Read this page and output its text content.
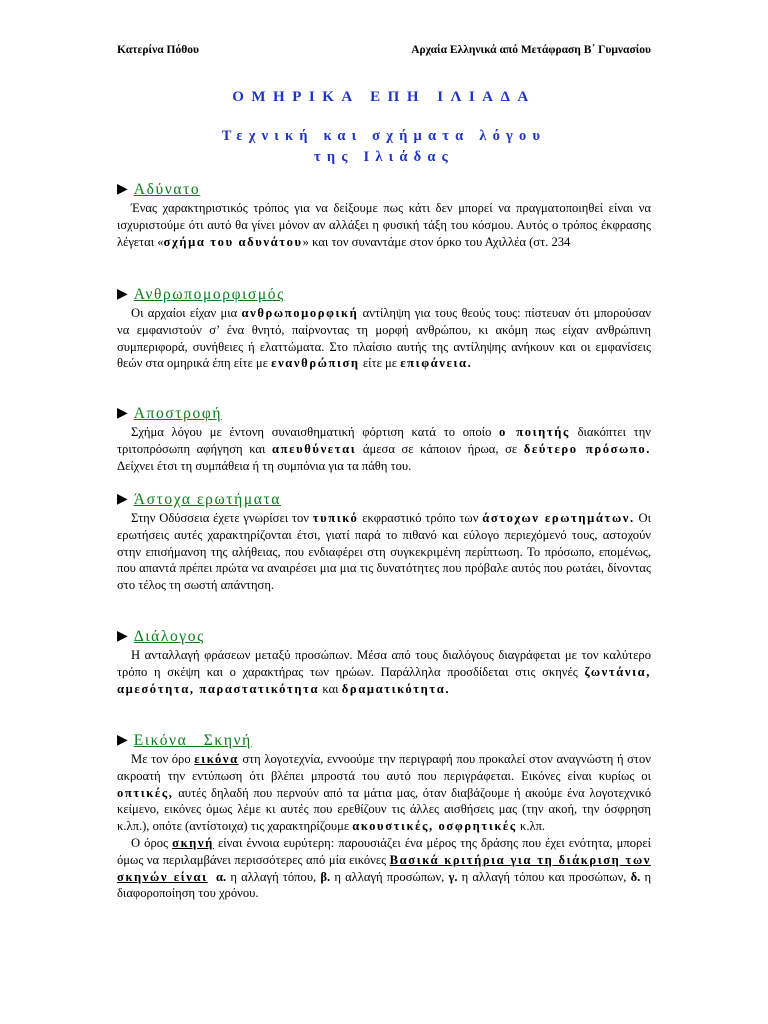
Κατερίνα Πόθου	Αρχαία Ελληνικά από Μετάφραση Β΄ Γυμνασίου
ΟΜΗΡΙΚΑ ΕΠΗ ΙΛΙΑΔΑ
Τεχνική και σχήματα λόγου
της Ιλιάδας
▶ Αδύνατο

Ένας χαρακτηριστικός τρόπος για να δείξουμε πως κάτι δεν μπορεί να πραγματοποιηθεί είναι να ισχυριστούμε ότι αυτό θα γίνει μόνον αν αλλάξει η φυσική τάξη του κόσμου. Αυτός ο τρόπος έκφρασης λέγεται «σχήμα του αδυνάτου» και τον συναντάμε στον όρκο του Αχιλλέα (στ. 234

▶ Ανθρωπομορφισμός

Οι αρχαίοι είχαν μια ανθρωπομορφική αντίληψη για τους θεούς τους: πίστευαν ότι μπορούσαν να εμφανιστούν σ’ ένα θνητό, παίρνοντας τη μορφή ανθρώπου, κι ακόμη πως είχαν ανθρώπινη συμπεριφορά, συνήθειες ή ελαττώματα. Στο πλαίσιο αυτής της αντίληψης ανήκουν και οι εμφανίσεις θεών στα ομηρικά έπη είτε με ενανθρώπιση είτε με επιφάνεια.

▶ Αποστροφή

Σχήμα λόγου με έντονη συναισθηματική φόρτιση κατά το οποίο ο ποιητής διακόπτει την τριτοπρόσωπη αφήγηση και απευθύνεται άμεσα σε κάποιον ήρωα, σε δεύτερο πρόσωπο. Δείχνει έτσι τη συμπάθεια ή τη συμπόνια για τα πάθη του.

▶ Άστοχα ερωτήματα

Στην Οδύσσεια έχετε γνωρίσει τον τυπικό εκφραστικό τρόπο των άστοχων ερωτημάτων. Οι ερωτήσεις αυτές χαρακτηρίζονται έτσι, γιατί παρά το πιθανό και εύλογο περιεχόμενό τους, αστοχούν στην επισήμανση της αλήθειας, που ενδιαφέρει στη συγκεκριμένη περίπτωση. Το πρόσωπο, επομένως, που απαντά πρέπει πρώτα να αναιρέσει μια μια τις δυνατότητες που πρόβαλε αυτός που ρωτάει, δίνοντας στο τέλος τη σωστή απάντηση.

▶ Διάλογος

Η ανταλλαγή φράσεων μεταξύ προσώπων. Μέσα από τους διαλόγους διαγράφεται με τον καλύτερο τρόπο η σκέψη και ο χαρακτήρας των ηρώων. Παράλληλα προσδίδεται στις σκηνές ζωντάνια, αμεσότητα, παραστατικότητα και δραματικότητα.

▶ Εικόνα   Σκηνή

Με τον όρο εικόνα στη λογοτεχνία, εννοούμε την περιγραφή που προκαλεί στον αναγνώστη ή στον ακροατή την εντύπωση ότι βλέπει μπροστά του αυτό που περιγράφεται. Εικόνες είναι κυρίως οι οπτικές, αυτές δηλαδή που περνούν από τα μάτια μας, όταν διαβάζουμε ή ακούμε ένα λογοτεχνικό κείμενο, εικόνες όμως λέμε κι αυτές που ερεθίζουν τις άλλες αισθήσεις μας (την ακοή, την όσφρηση κ.λπ.), οπότε (αντίστοιχα) τις χαρακτηρίζουμε ακουστικές, οσφρητικές κ.λπ.

Ο όρος σκηνή είναι έννοια ευρύτερη: παρουσιάζει ένα μέρος της δράσης που έχει ενότητα, μπορεί όμως να περιλαμβάνει περισσότερες από μία εικόνες Βασικά κριτήρια για τη διάκριση των σκηνών είναι α. η αλλαγή τόπου, β. η αλλαγή προσώπων, γ. η αλλαγή τόπου και προσώπων, δ. η διαφοροποίηση του χρόνου.
